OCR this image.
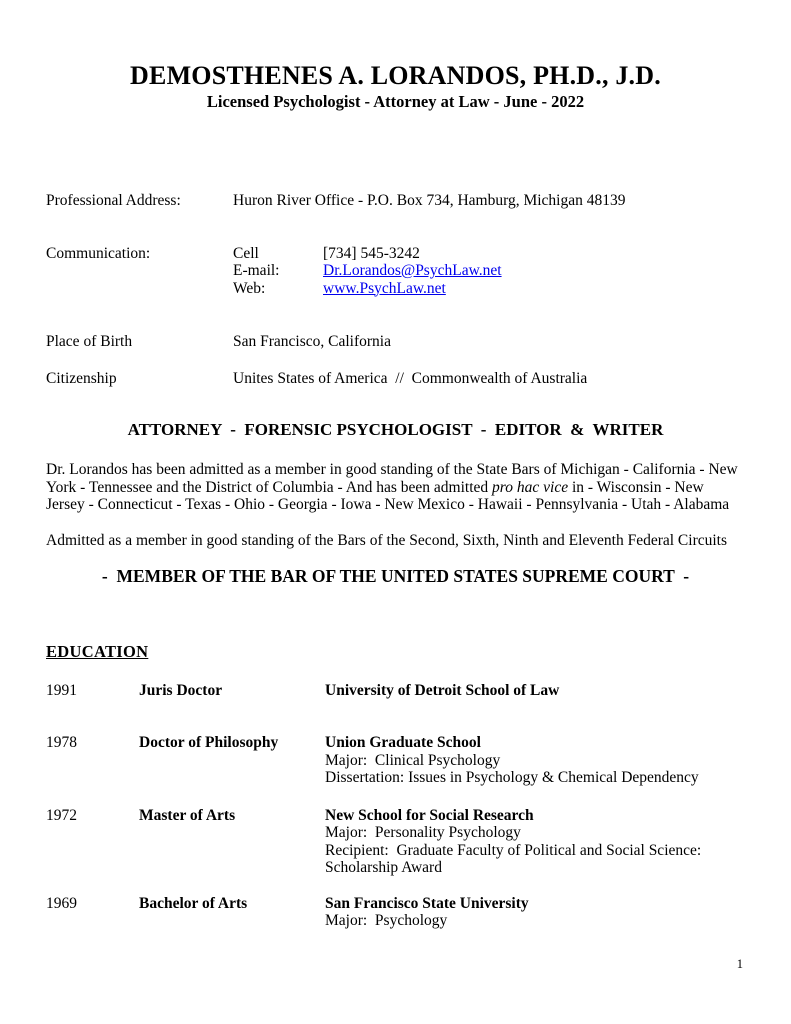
DEMOSTHENES A. LORANDOS, PH.D., J.D.
Licensed Psychologist - Attorney at Law - June - 2022
Professional Address:	Huron River Office - P.O. Box 734, Hamburg, Michigan 48139
Communication:	Cell	[734] 545-3242
E-mail:	Dr.Lorandos@PsychLaw.net
Web:	www.PsychLaw.net
Place of Birth	San Francisco, California
Citizenship	Unites States of America  //  Commonwealth of Australia
ATTORNEY  -  FORENSIC PSYCHOLOGIST  -  EDITOR  &  WRITER
Dr. Lorandos has been admitted as a member in good standing of the State Bars of Michigan - California - New York - Tennessee and the District of Columbia - And has been admitted pro hac vice in - Wisconsin - New Jersey - Connecticut - Texas - Ohio - Georgia - Iowa - New Mexico - Hawaii - Pennsylvania - Utah - Alabama
Admitted as a member in good standing of the Bars of the Second, Sixth, Ninth and Eleventh Federal Circuits
-  MEMBER OF THE BAR OF THE UNITED STATES SUPREME COURT  -
EDUCATION
1991	Juris Doctor	University of Detroit School of Law
1978	Doctor of Philosophy	Union Graduate School
Major:  Clinical Psychology
Dissertation: Issues in Psychology & Chemical Dependency
1972	Master of Arts	New School for Social Research
Major:  Personality Psychology
Recipient:  Graduate Faculty of Political and Social Science: Scholarship Award
1969	Bachelor of Arts	San Francisco State University
Major:  Psychology
1
